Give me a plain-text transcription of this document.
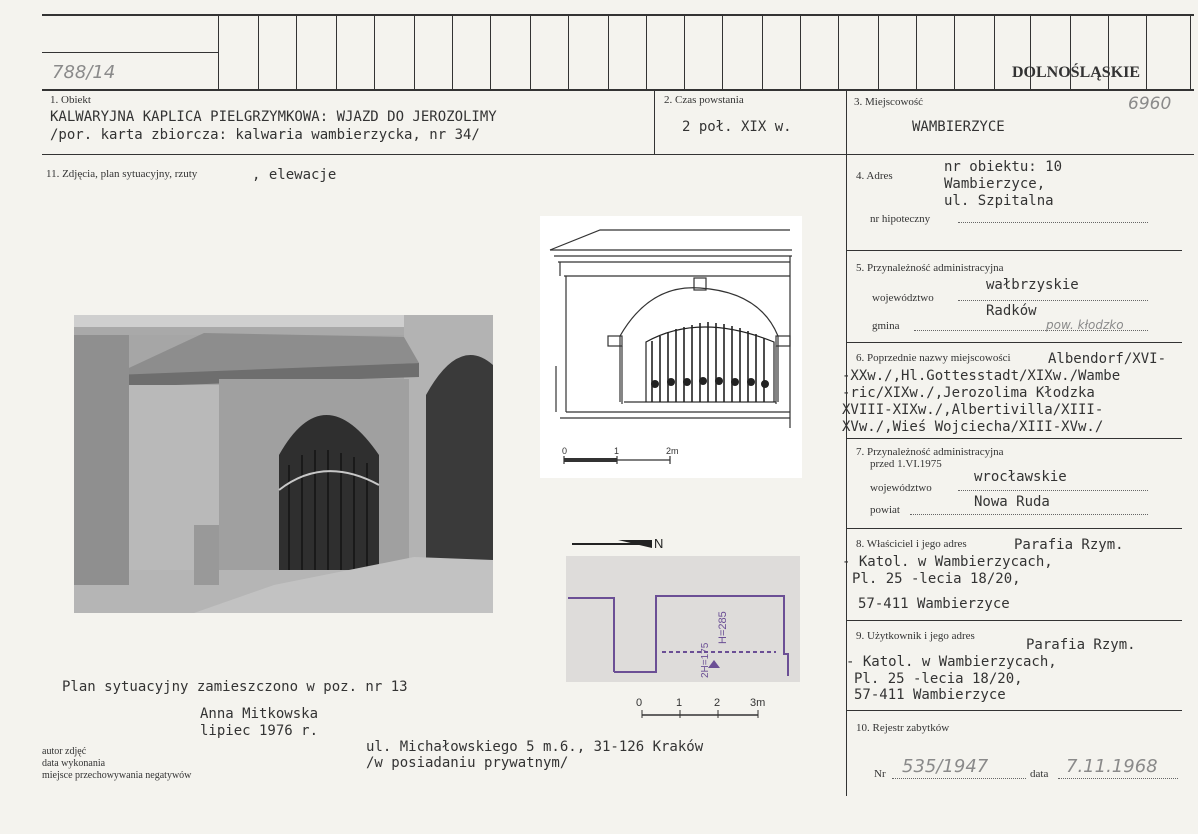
788/14	DOLNOŚLĄSKIE
1. Obiekt
KALWARYJNA KAPLICA PIELGRZYMKOWA: WJAZD DO JEROZOLIMY
/por. karta zbiorcza: kalwaria wambierzycka, nr 34/
2. Czas powstania
2 poł. XIX w.
3. Miejscowość
WAMBIERZYCE
6960
11. Zdjęcia, plan sytuacyjny, rzuty	, elewacje
0	1	2m
N
H=285
2H=175
0	1	2	3m
Plan sytuacyjny zamieszczono w poz. nr 13
Anna Mitkowska
lipiec 1976 r.
ul. Michałowskiego 5 m.6., 31-126 Kraków
/w posiadaniu prywatnym/
autor zdjęć
data wykonania
miejsce przechowywania negatywów
4. Adres
nr obiektu: 10
Wambierzyce,
ul. Szpitalna
nr hipoteczny
5. Przynależność administracyjna
województwo
wałbrzyskie
gmina
Radków
pow. kłodzko
6. Poprzednie nazwy miejscowości	Albendorf/XVI-
-XXw./,Hl.Gottesstadt/XIXw./Wambe
-ric/XIXw./,Jerozolima Kłodzka
XVIII-XIXw./,Albertivilla/XIII-
XVw./,Wieś Wojciecha/XIII-XVw./
7. Przynależność administracyjna
przed 1.VI.1975
województwo
wrocławskie
powiat	Nowa Ruda
8. Właściciel i jego adres	Parafia Rzym.
- Katol. w Wambierzycach,
Pl. 25 -lecia 18/20,
57-411 Wambierzyce
9. Użytkownik i jego adres
Parafia Rzym.
- Katol. w Wambierzycach,
Pl. 25 -lecia 18/20,
57-411 Wambierzyce
10. Rejestr zabytków
Nr 535/1947	data 7.11.1968
